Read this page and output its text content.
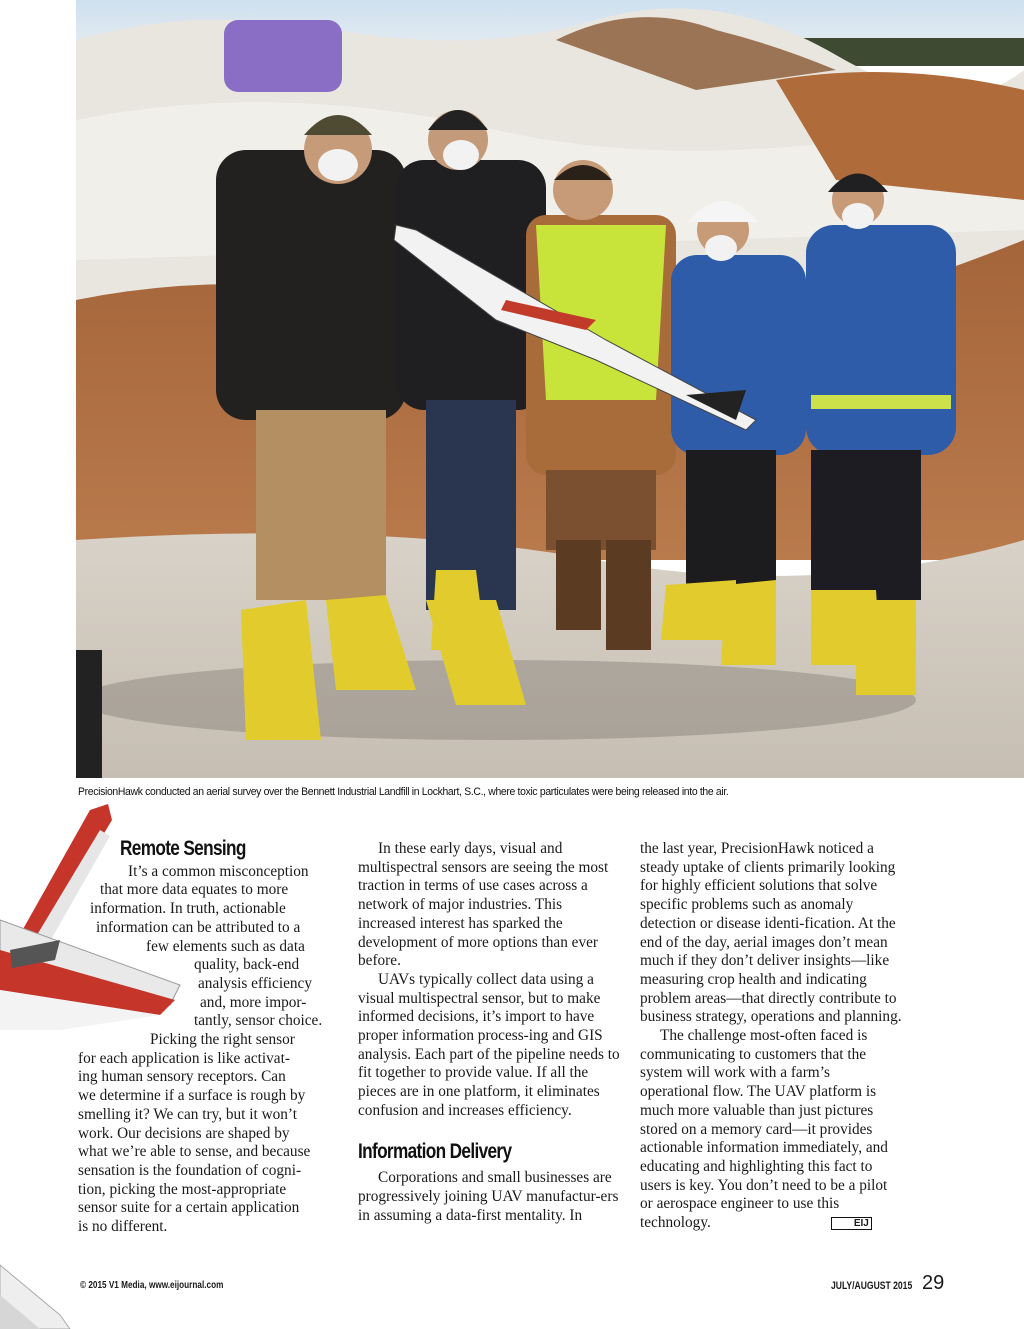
PrecisionHawk conducted an aerial survey over the Bennett Industrial Landfill in Lockhart, S.C., where toxic particulates were being released into the air.
Remote Sensing
It’s a common misconception
that more data equates to more
information. In truth, actionable
information can be attributed to a
few elements such as data
quality, back-end
analysis efficiency
and, more impor-
tantly, sensor choice.
Picking the right sensor
for each application is like activat-
ing human sensory receptors. Can
we determine if a surface is rough by
smelling it? We can try, but it won’t
work. Our decisions are shaped by
what we’re able to sense, and because
sensation is the foundation of cogni-
tion, picking the most-appropriate
sensor suite for a certain application
is no different.

In these early days, visual and multispectral sensors are seeing the most traction in terms of use cases across a network of major industries. This increased interest has sparked the development of more options than ever before.

UAVs typically collect data using a visual multispectral sensor, but to make informed decisions, it’s import to have proper information process-ing and GIS analysis. Each part of the pipeline needs to fit together to provide value. If all the pieces are in one platform, it eliminates confusion and increases efficiency.

Information Delivery

Corporations and small businesses are progressively joining UAV manufactur-ers in assuming a data-first mentality. In

the last year, PrecisionHawk noticed a steady uptake of clients primarily looking for highly efficient solutions that solve specific problems such as anomaly detection or disease identi-fication. At the end of the day, aerial images don’t mean much if they don’t deliver insights—like measuring crop health and indicating problem areas—that directly contribute to business strategy, operations and planning.

The challenge most-often faced is communicating to customers that the system will work with a farm’s operational flow. The UAV platform is much more valuable than just pictures stored on a memory card—it provides actionable information immediately, and educating and highlighting this fact to users is key. You don’t need to be a pilot or aerospace engineer to use this technology.	EIJ

© 2015 V1 Media, www.eijournal.com	JULY/AUGUST 2015 29
